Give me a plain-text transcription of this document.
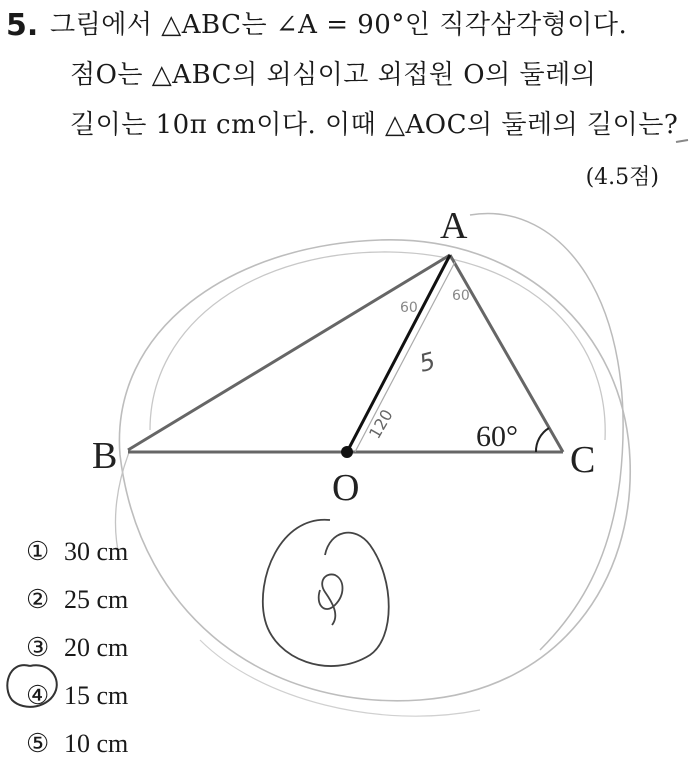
5. 그림에서 △ABC는 ∠A = 90°인 직각삼각형이다.
점O는 △ABC의 외심이고 외접원 O의 둘레의
길이는 10π cm이다. 이때 △AOC의 둘레의 길이는?
(4.5점)
A
B	C
O
60°
5
60
120
60
① 30 cm
② 25 cm
③ 20 cm
④ 15 cm
⑤ 10 cm
